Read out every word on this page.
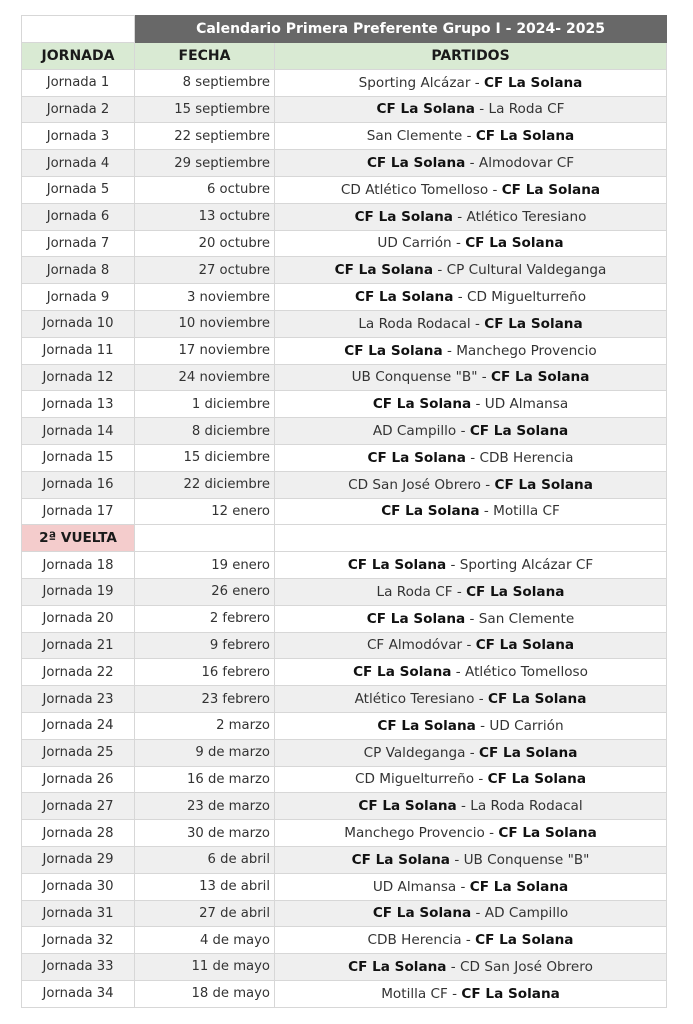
	Calendario Primera Preferente Grupo I - 2024- 2025	
JORNADA	FECHA	PARTIDOS
Jornada 1	8 septiembre	Sporting Alcázar - CF La Solana
Jornada 2	15 septiembre	CF La Solana - La Roda CF
Jornada 3	22 septiembre	San Clemente - CF La Solana
Jornada 4	29 septiembre	CF La Solana - Almodovar CF
Jornada 5	6 octubre	CD Atlético Tomelloso - CF La Solana
Jornada 6	13 octubre	CF La Solana - Atlético Teresiano
Jornada 7	20 octubre	UD Carrión - CF La Solana
Jornada 8	27 octubre	CF La Solana - CP Cultural Valdeganga
Jornada 9	3 noviembre	CF La Solana - CD Miguelturreño
Jornada 10	10 noviembre	La Roda Rodacal - CF La Solana
Jornada 11	17 noviembre	CF La Solana - Manchego Provencio
Jornada 12	24 noviembre	UB Conquense "B" - CF La Solana
Jornada 13	1 diciembre	CF La Solana - UD Almansa
Jornada 14	8 diciembre	AD Campillo - CF La Solana
Jornada 15	15 diciembre	CF La Solana - CDB Herencia
Jornada 16	22 diciembre	CD San José Obrero - CF La Solana
Jornada 17	12 enero	CF La Solana - Motilla CF
2ª VUELTA		
Jornada 18	19 enero	CF La Solana - Sporting Alcázar CF
Jornada 19	26 enero	La Roda CF - CF La Solana
Jornada 20	2 febrero	CF La Solana - San Clemente
Jornada 21	9 febrero	CF Almodóvar - CF La Solana
Jornada 22	16 febrero	CF La Solana - Atlético Tomelloso
Jornada 23	23 febrero	Atlético Teresiano - CF La Solana
Jornada 24	2 marzo	CF La Solana - UD Carrión
Jornada 25	9 de marzo	CP Valdeganga - CF La Solana
Jornada 26	16 de marzo	CD Miguelturreño - CF La Solana
Jornada 27	23 de marzo	CF La Solana - La Roda Rodacal
Jornada 28	30 de marzo	Manchego Provencio - CF La Solana
Jornada 29	6 de abril	CF La Solana - UB Conquense "B"
Jornada 30	13 de abril	UD Almansa - CF La Solana
Jornada 31	27 de abril	CF La Solana - AD Campillo
Jornada 32	4 de mayo	CDB Herencia - CF La Solana
Jornada 33	11 de mayo	CF La Solana - CD San José Obrero
Jornada 34	18 de mayo	Motilla CF - CF La Solana
